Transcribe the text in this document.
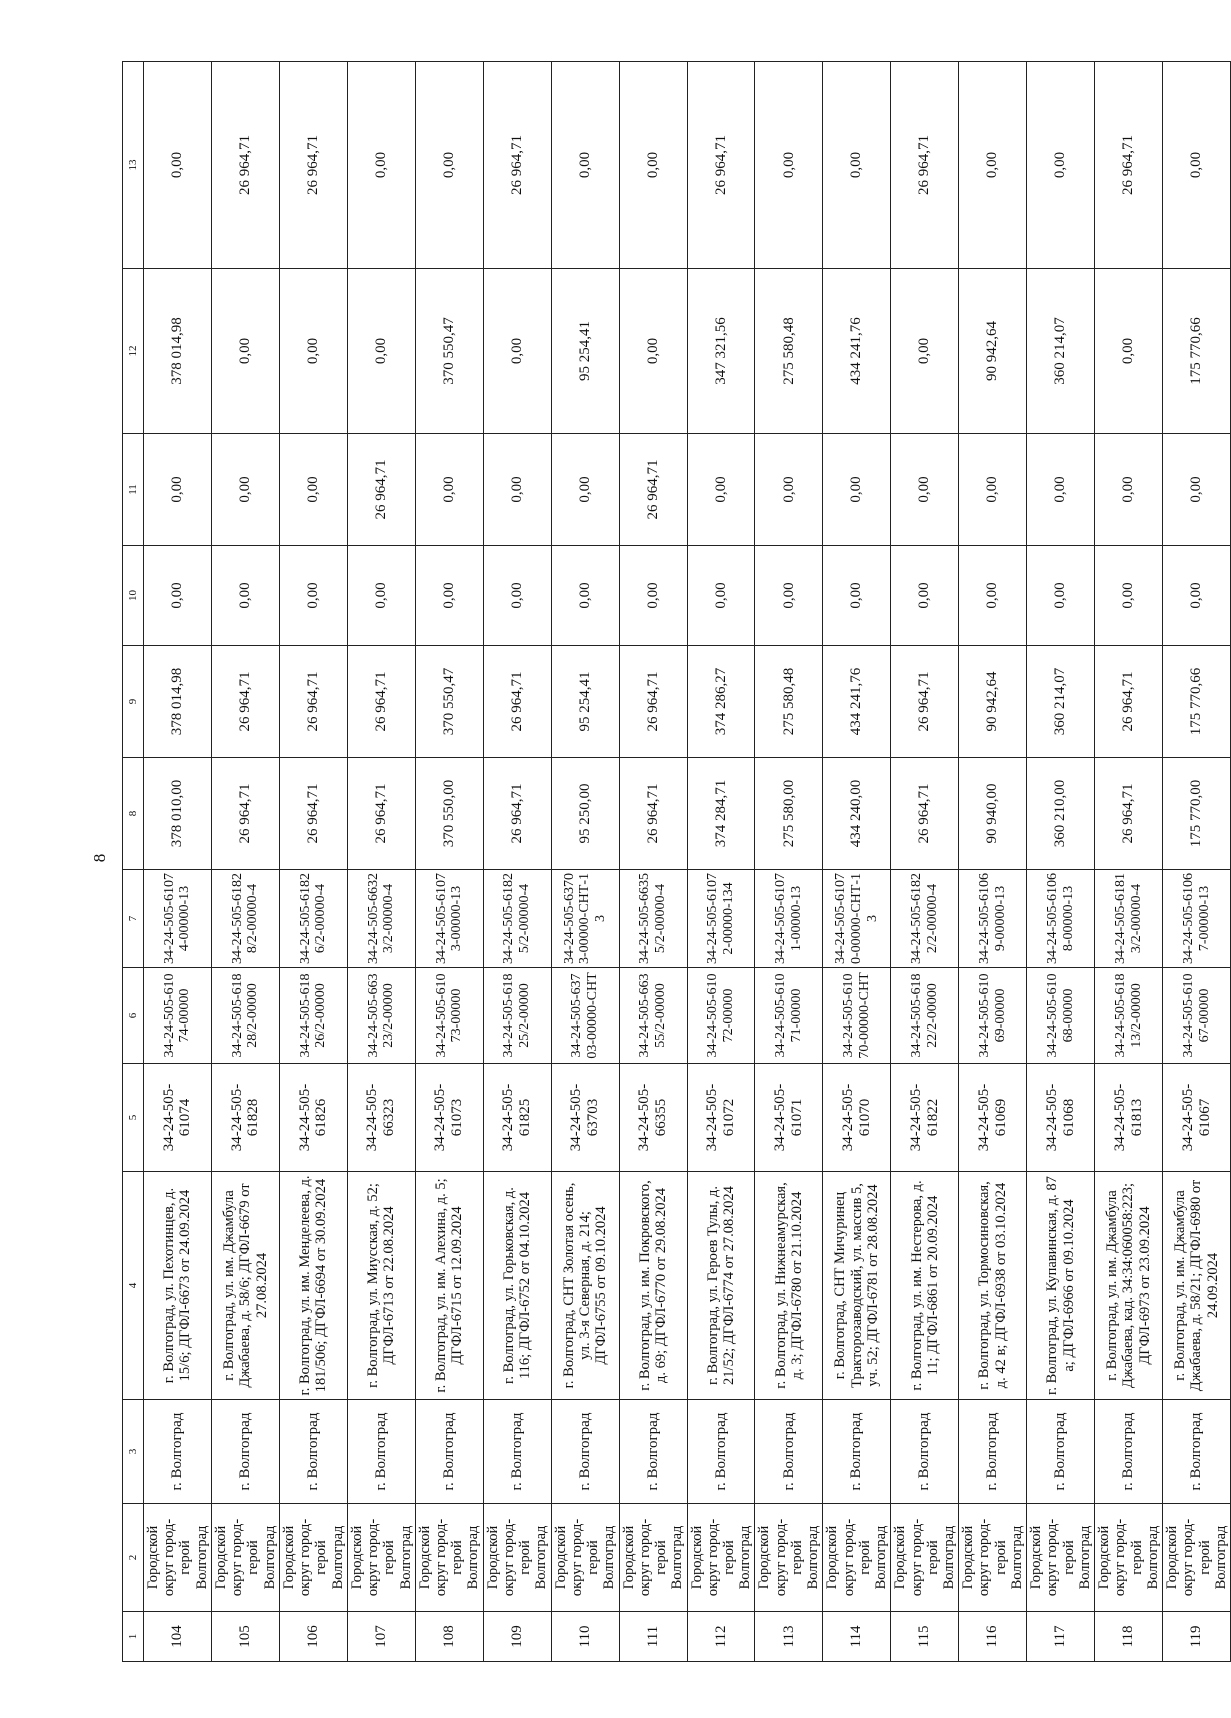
8
1	2	3	4	5	6	7	8	9	10	11	12	13
104	Городской округ город-герой Волгоград	г. Волгоград	г. Волгоград, ул. Пехотинцев, д. 15/6; ДГФЛ-6673 от 24.09.2024	34-24-505-61074	34-24-505-61074-00000	34-24-505-61074-00000-13	378 010,00	378 014,98	0,00	0,00	378 014,98	0,00
105	Городской округ город-герой Волгоград	г. Волгоград	г. Волгоград, ул. им. Джамбула Джабаева, д. 58/6; ДГФЛ-6679 от 27.08.2024	34-24-505-61828	34-24-505-61828/2-00000	34-24-505-61828/2-00000-4	26 964,71	26 964,71	0,00	0,00	0,00	26 964,71
106	Городской округ город-герой Волгоград	г. Волгоград	г. Волгоград, ул. им. Менделеева, д. 181/506; ДГФЛ-6694 от 30.09.2024	34-24-505-61826	34-24-505-61826/2-00000	34-24-505-61826/2-00000-4	26 964,71	26 964,71	0,00	0,00	0,00	26 964,71
107	Городской округ город-герой Волгоград	г. Волгоград	г. Волгоград, ул. Миусская, д. 52; ДГФЛ-6713 от 22.08.2024	34-24-505-66323	34-24-505-66323/2-00000	34-24-505-66323/2-00000-4	26 964,71	26 964,71	0,00	26 964,71	0,00	0,00
108	Городской округ город-герой Волгоград	г. Волгоград	г. Волгоград, ул. им. Алехина, д. 5; ДГФЛ-6715 от 12.09.2024	34-24-505-61073	34-24-505-61073-00000	34-24-505-61073-00000-13	370 550,00	370 550,47	0,00	0,00	370 550,47	0,00
109	Городской округ город-герой Волгоград	г. Волгоград	г. Волгоград, ул. Горьковская, д. 116; ДГФЛ-6752 от 04.10.2024	34-24-505-61825	34-24-505-61825/2-00000	34-24-505-61825/2-00000-4	26 964,71	26 964,71	0,00	0,00	0,00	26 964,71
110	Городской округ город-герой Волгоград	г. Волгоград	г. Волгоград, СНТ Золотая осень, ул. 3-я Северная, д. 214; ДГФЛ-6755 от 09.10.2024	34-24-505-63703	34-24-505-63703-00000-СНТ	34-24-505-63703-00000-СНТ-13	95 250,00	95 254,41	0,00	0,00	95 254,41	0,00
111	Городской округ город-герой Волгоград	г. Волгоград	г. Волгоград, ул. им. Покровского, д. 69; ДГФЛ-6770 от 29.08.2024	34-24-505-66355	34-24-505-66355/2-00000	34-24-505-66355/2-00000-4	26 964,71	26 964,71	0,00	26 964,71	0,00	0,00
112	Городской округ город-герой Волгоград	г. Волгоград	г. Волгоград, ул. Героев Тулы, д. 21/52; ДГФЛ-6774 от 27.08.2024	34-24-505-61072	34-24-505-61072-00000	34-24-505-61072-00000-134	374 284,71	374 286,27	0,00	0,00	347 321,56	26 964,71
113	Городской округ город-герой Волгоград	г. Волгоград	г. Волгоград, ул. Нижнеамурская, д. 3; ДГФЛ-6780 от 21.10.2024	34-24-505-61071	34-24-505-61071-00000	34-24-505-61071-00000-13	275 580,00	275 580,48	0,00	0,00	275 580,48	0,00
114	Городской округ город-герой Волгоград	г. Волгоград	г. Волгоград, СНТ Мичуринец Тракторозаводский, ул. массив 5, уч. 52; ДГФЛ-6781 от 28.08.2024	34-24-505-61070	34-24-505-61070-00000-СНТ	34-24-505-61070-00000-СНТ-13	434 240,00	434 241,76	0,00	0,00	434 241,76	0,00
115	Городской округ город-герой Волгоград	г. Волгоград	г. Волгоград, ул. им. Нестерова, д. 11; ДГФЛ-6861 от 20.09.2024	34-24-505-61822	34-24-505-61822/2-00000	34-24-505-61822/2-00000-4	26 964,71	26 964,71	0,00	0,00	0,00	26 964,71
116	Городской округ город-герой Волгоград	г. Волгоград	г. Волгоград, ул. Тормосиновская, д. 42 в; ДГФЛ-6938 от 03.10.2024	34-24-505-61069	34-24-505-61069-00000	34-24-505-61069-00000-13	90 940,00	90 942,64	0,00	0,00	90 942,64	0,00
117	Городской округ город-герой Волгоград	г. Волгоград	г. Волгоград, ул. Купавинская, д. 87 а; ДГФЛ-6966 от 09.10.2024	34-24-505-61068	34-24-505-61068-00000	34-24-505-61068-00000-13	360 210,00	360 214,07	0,00	0,00	360 214,07	0,00
118	Городской округ город-герой Волгоград	г. Волгоград	г. Волгоград, ул. им. Джамбула Джабаева, кад. 34:34:060058:223; ДГФЛ-6973 от 23.09.2024	34-24-505-61813	34-24-505-61813/2-00000	34-24-505-61813/2-00000-4	26 964,71	26 964,71	0,00	0,00	0,00	26 964,71
119	Городской округ город-герой Волгоград	г. Волгоград	г. Волгоград, ул. им. Джамбула Джабаева, д. 58/21; ДГФЛ-6980 от 24.09.2024	34-24-505-61067	34-24-505-61067-00000	34-24-505-61067-00000-13	175 770,00	175 770,66	0,00	0,00	175 770,66	0,00
